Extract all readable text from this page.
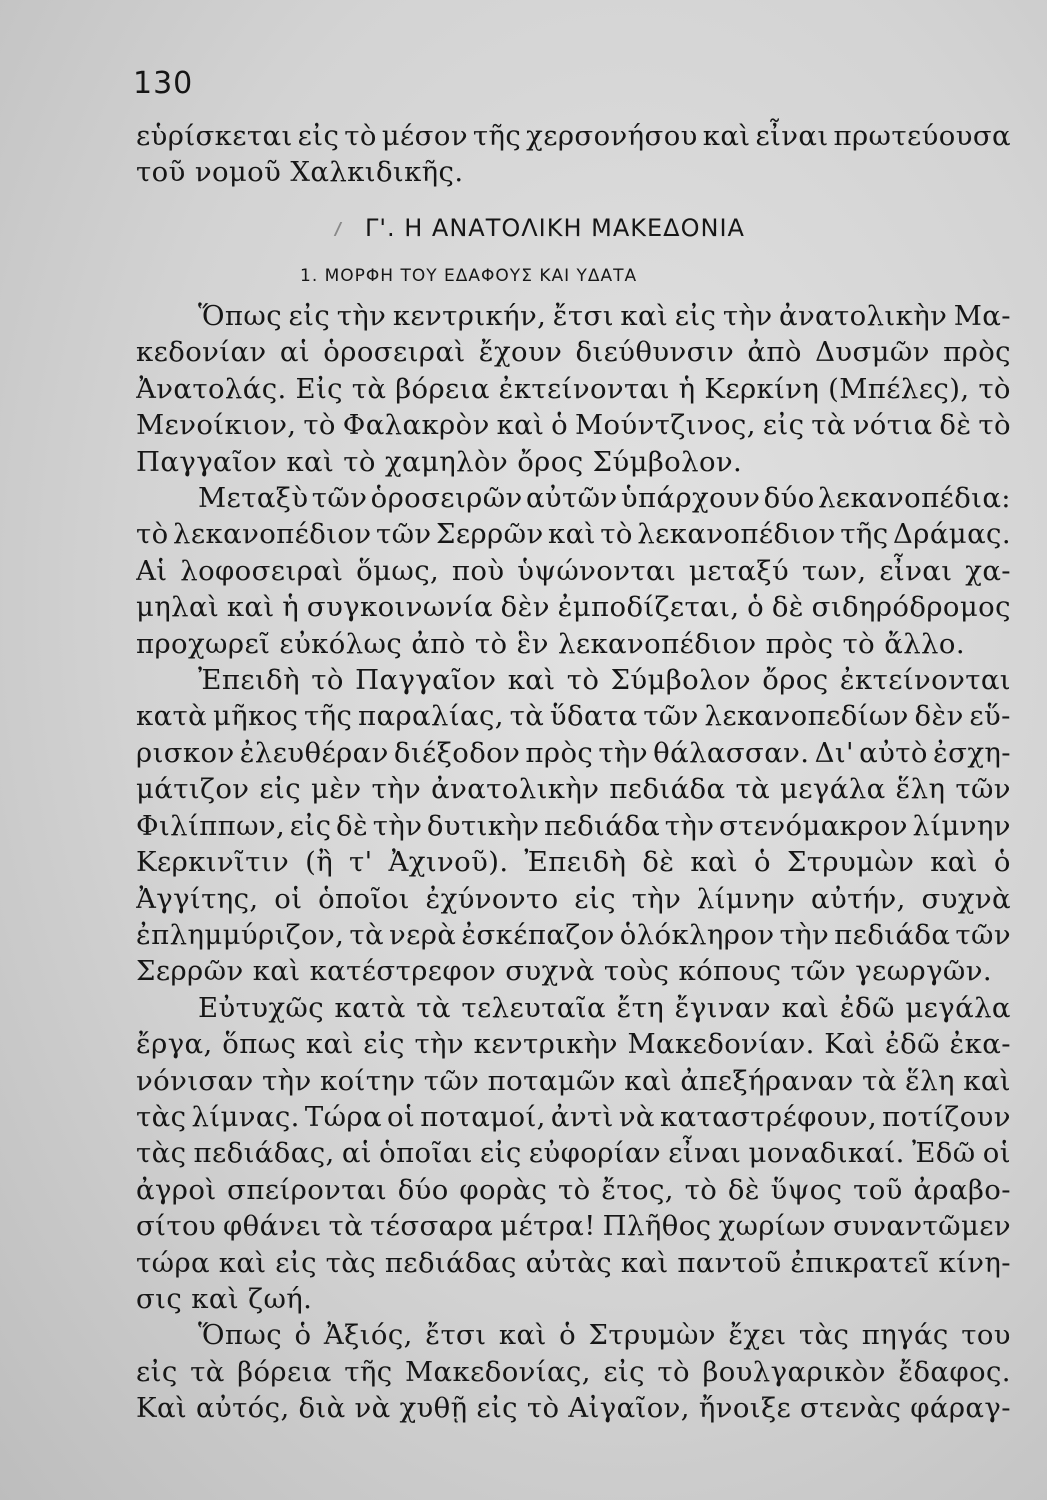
130
εὑρίσκεται εἰς τὸ μέσον τῆς χερσονήσου καὶ εἶναι πρωτεύουσα
τοῦ νομοῦ Χαλκιδικῆς.
Γ'. Η ΑΝΑΤΟΛΙΚΗ ΜΑΚΕΔΟΝΙΑ
1. ΜΟΡΦΗ ΤΟΥ ΕΔΑΦΟΥΣ ΚΑΙ ΥΔΑΤΑ
Ὅπως εἰς τὴν κεντρικήν, ἔτσι καὶ εἰς τὴν ἀνατολικὴν Μα-
κεδονίαν αἱ ὁροσειραὶ ἔχουν διεύθυνσιν ἀπὸ Δυσμῶν πρὸς
Ἀνατολάς. Εἰς τὰ βόρεια ἐκτείνονται ἡ Κερκίνη (Μπέλες), τὸ
Μενοίκιον, τὸ Φαλακρὸν καὶ ὁ Μούντζινος, εἰς τὰ νότια δὲ τὸ
Παγγαῖον καὶ τὸ χαμηλὸν ὄρος Σύμβολον.
Μεταξὺ τῶν ὁροσειρῶν αὐτῶν ὑπάρχουν δύο λεκανοπέδια:
τὸ λεκανοπέδιον τῶν Σερρῶν καὶ τὸ λεκανοπέδιον τῆς Δράμας.
Αἱ λοφοσειραὶ ὅμως, ποὺ ὑψώνονται μεταξύ των, εἶναι χα-
μηλαὶ καὶ ἡ συγκοινωνία δὲν ἐμποδίζεται, ὁ δὲ σιδηρόδρομος
προχωρεῖ εὐκόλως ἀπὸ τὸ ἓν λεκανοπέδιον πρὸς τὸ ἄλλο.
Ἐπειδὴ τὸ Παγγαῖον καὶ τὸ Σύμβολον ὄρος ἐκτείνονται
κατὰ μῆκος τῆς παραλίας, τὰ ὕδατα τῶν λεκανοπεδίων δὲν εὕ-
ρισκον ἐλευθέραν διέξοδον πρὸς τὴν θάλασσαν. Δι' αὐτὸ ἐσχη-
μάτιζον εἰς μὲν τὴν ἀνατολικὴν πεδιάδα τὰ μεγάλα ἕλη τῶν
Φιλίππων, εἰς δὲ τὴν δυτικὴν πεδιάδα τὴν στενόμακρον λίμνην
Κερκινῖτιν (ἢ τ' Ἀχινοῦ). Ἐπειδὴ δὲ καὶ ὁ Στρυμὼν καὶ ὁ
Ἀγγίτης, οἱ ὁποῖοι ἐχύνοντο εἰς τὴν λίμνην αὐτήν, συχνὰ
ἐπλημμύριζον, τὰ νερὰ ἐσκέπαζον ὁλόκληρον τὴν πεδιάδα τῶν
Σερρῶν καὶ κατέστρεφον συχνὰ τοὺς κόπους τῶν γεωργῶν.
Εὐτυχῶς κατὰ τὰ τελευταῖα ἔτη ἔγιναν καὶ ἐδῶ μεγάλα
ἔργα, ὅπως καὶ εἰς τὴν κεντρικὴν Μακεδονίαν. Καὶ ἐδῶ ἐκα-
νόνισαν τὴν κοίτην τῶν ποταμῶν καὶ ἀπεξήραναν τὰ ἕλη καὶ
τὰς λίμνας. Τώρα οἱ ποταμοί, ἀντὶ νὰ καταστρέφουν, ποτίζουν
τὰς πεδιάδας, αἱ ὁποῖαι εἰς εὐφορίαν εἶναι μοναδικαί. Ἐδῶ οἱ
ἀγροὶ σπείρονται δύο φορὰς τὸ ἔτος, τὸ δὲ ὕψος τοῦ ἀραβο-
σίτου φθάνει τὰ τέσσαρα μέτρα! Πλῆθος χωρίων συναντῶμεν
τώρα καὶ εἰς τὰς πεδιάδας αὐτὰς καὶ παντοῦ ἐπικρατεῖ κίνη-
σις καὶ ζωή.
Ὅπως ὁ Ἀξιός, ἔτσι καὶ ὁ Στρυμὼν ἔχει τὰς πηγάς του
εἰς τὰ βόρεια τῆς Μακεδονίας, εἰς τὸ βουλγαρικὸν ἔδαφος.
Καὶ αὐτός, διὰ νὰ χυθῇ εἰς τὸ Αἰγαῖον, ἤνοιξε στενὰς φάραγ-
